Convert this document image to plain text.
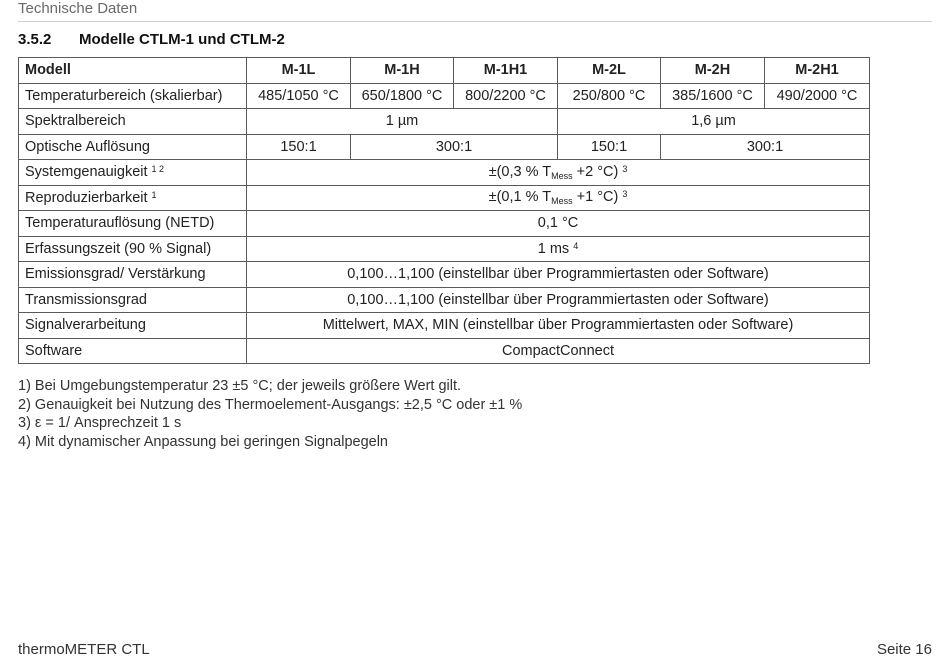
Technische Daten
3.5.2 Modelle CTLM-1 und CTLM-2
Modell	M-1L	M-1H	M-1H1	M-2L	M-2H	M-2H1
Temperaturbereich (skalierbar)	485/1050 °C	650/1800 °C	800/2200 °C	250/800 °C	385/1600 °C	490/2000 °C
Spektralbereich	1 µm			1,6 µm		
Optische Auflösung	150:1	300:1		150:1	300:1	
Systemgenauigkeit $^{1 2}$	±(0,3 % $T_{Mess} +2$ °C) $^3$
Reproduzierbarkeit $^1$	±(0,1 % $T_{Mess} +1$ °C) $^3$
Temperaturauflösung (NETD)	0,1 °C					
Erfassungszeit (90 % Signal)	1 ms $^4$
Emissionsgrad/ Verstärkung	0,100…1,100 (einstellbar über Programmiertasten oder Software)					
Transmissionsgrad	0,100…1,100 (einstellbar über Programmiertasten oder Software)					
Signalverarbeitung	Mittelwert, MAX, MIN (einstellbar über Programmiertasten oder Software)					
Software	CompactConnect					
1) Bei Umgebungstemperatur 23 ±5 °C; der jeweils größere Wert gilt.
2) Genauigkeit bei Nutzung des Thermoelement-Ausgangs: ±2,5 °C oder ±1 %
3) ε = 1/ Ansprechzeit 1 s
4) Mit dynamischer Anpassung bei geringen Signalpegeln
thermoMETER CTL	Seite 16
